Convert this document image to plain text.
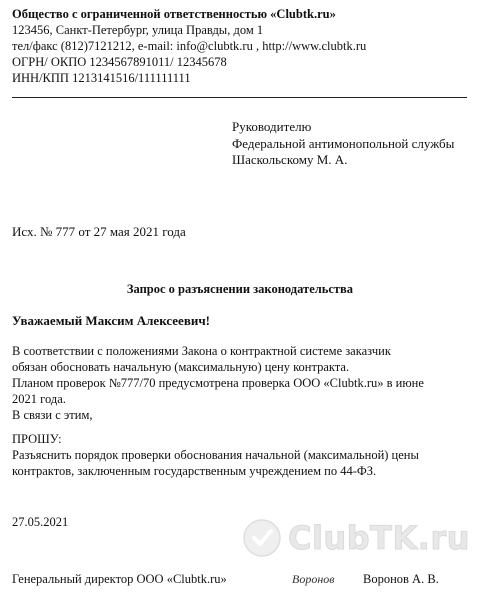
Общество с ограниченной ответственностью «Clubtk.ru»
123456, Санкт-Петербург, улица Правды, дом 1
тел/факс (812)7121212, e-mail: info@clubtk.ru , http://www.clubtk.ru
ОГРН/ ОКПО 1234567891011/ 12345678
ИНН/КПП 1213141516/111111111
Руководителю
Федеральной антимонопольной службы
Шаскольскому М. А.
Исх. № 777 от 27 мая 2021 года
Запрос о разъяснении законодательства
Уважаемый Максим Алексеевич!
В соответствии с положениями Закона о контрактной системе заказчик
обязан обосновать начальную (максимальную) цену контракта.
Планом проверок №777/70 предусмотрена проверка ООО «Clubtk.ru» в июне
2021 года.
В связи с этим,
ПРОШУ:
Разъяснить порядок проверки обоснования начальной (максимальной) цены
контрактов, заключенным государственным учреждением по 44-ФЗ.
27.05.2021
Генеральный директор ООО «Clubtk.ru»	Воронов Воронов А. В.
ClubTK.ru
